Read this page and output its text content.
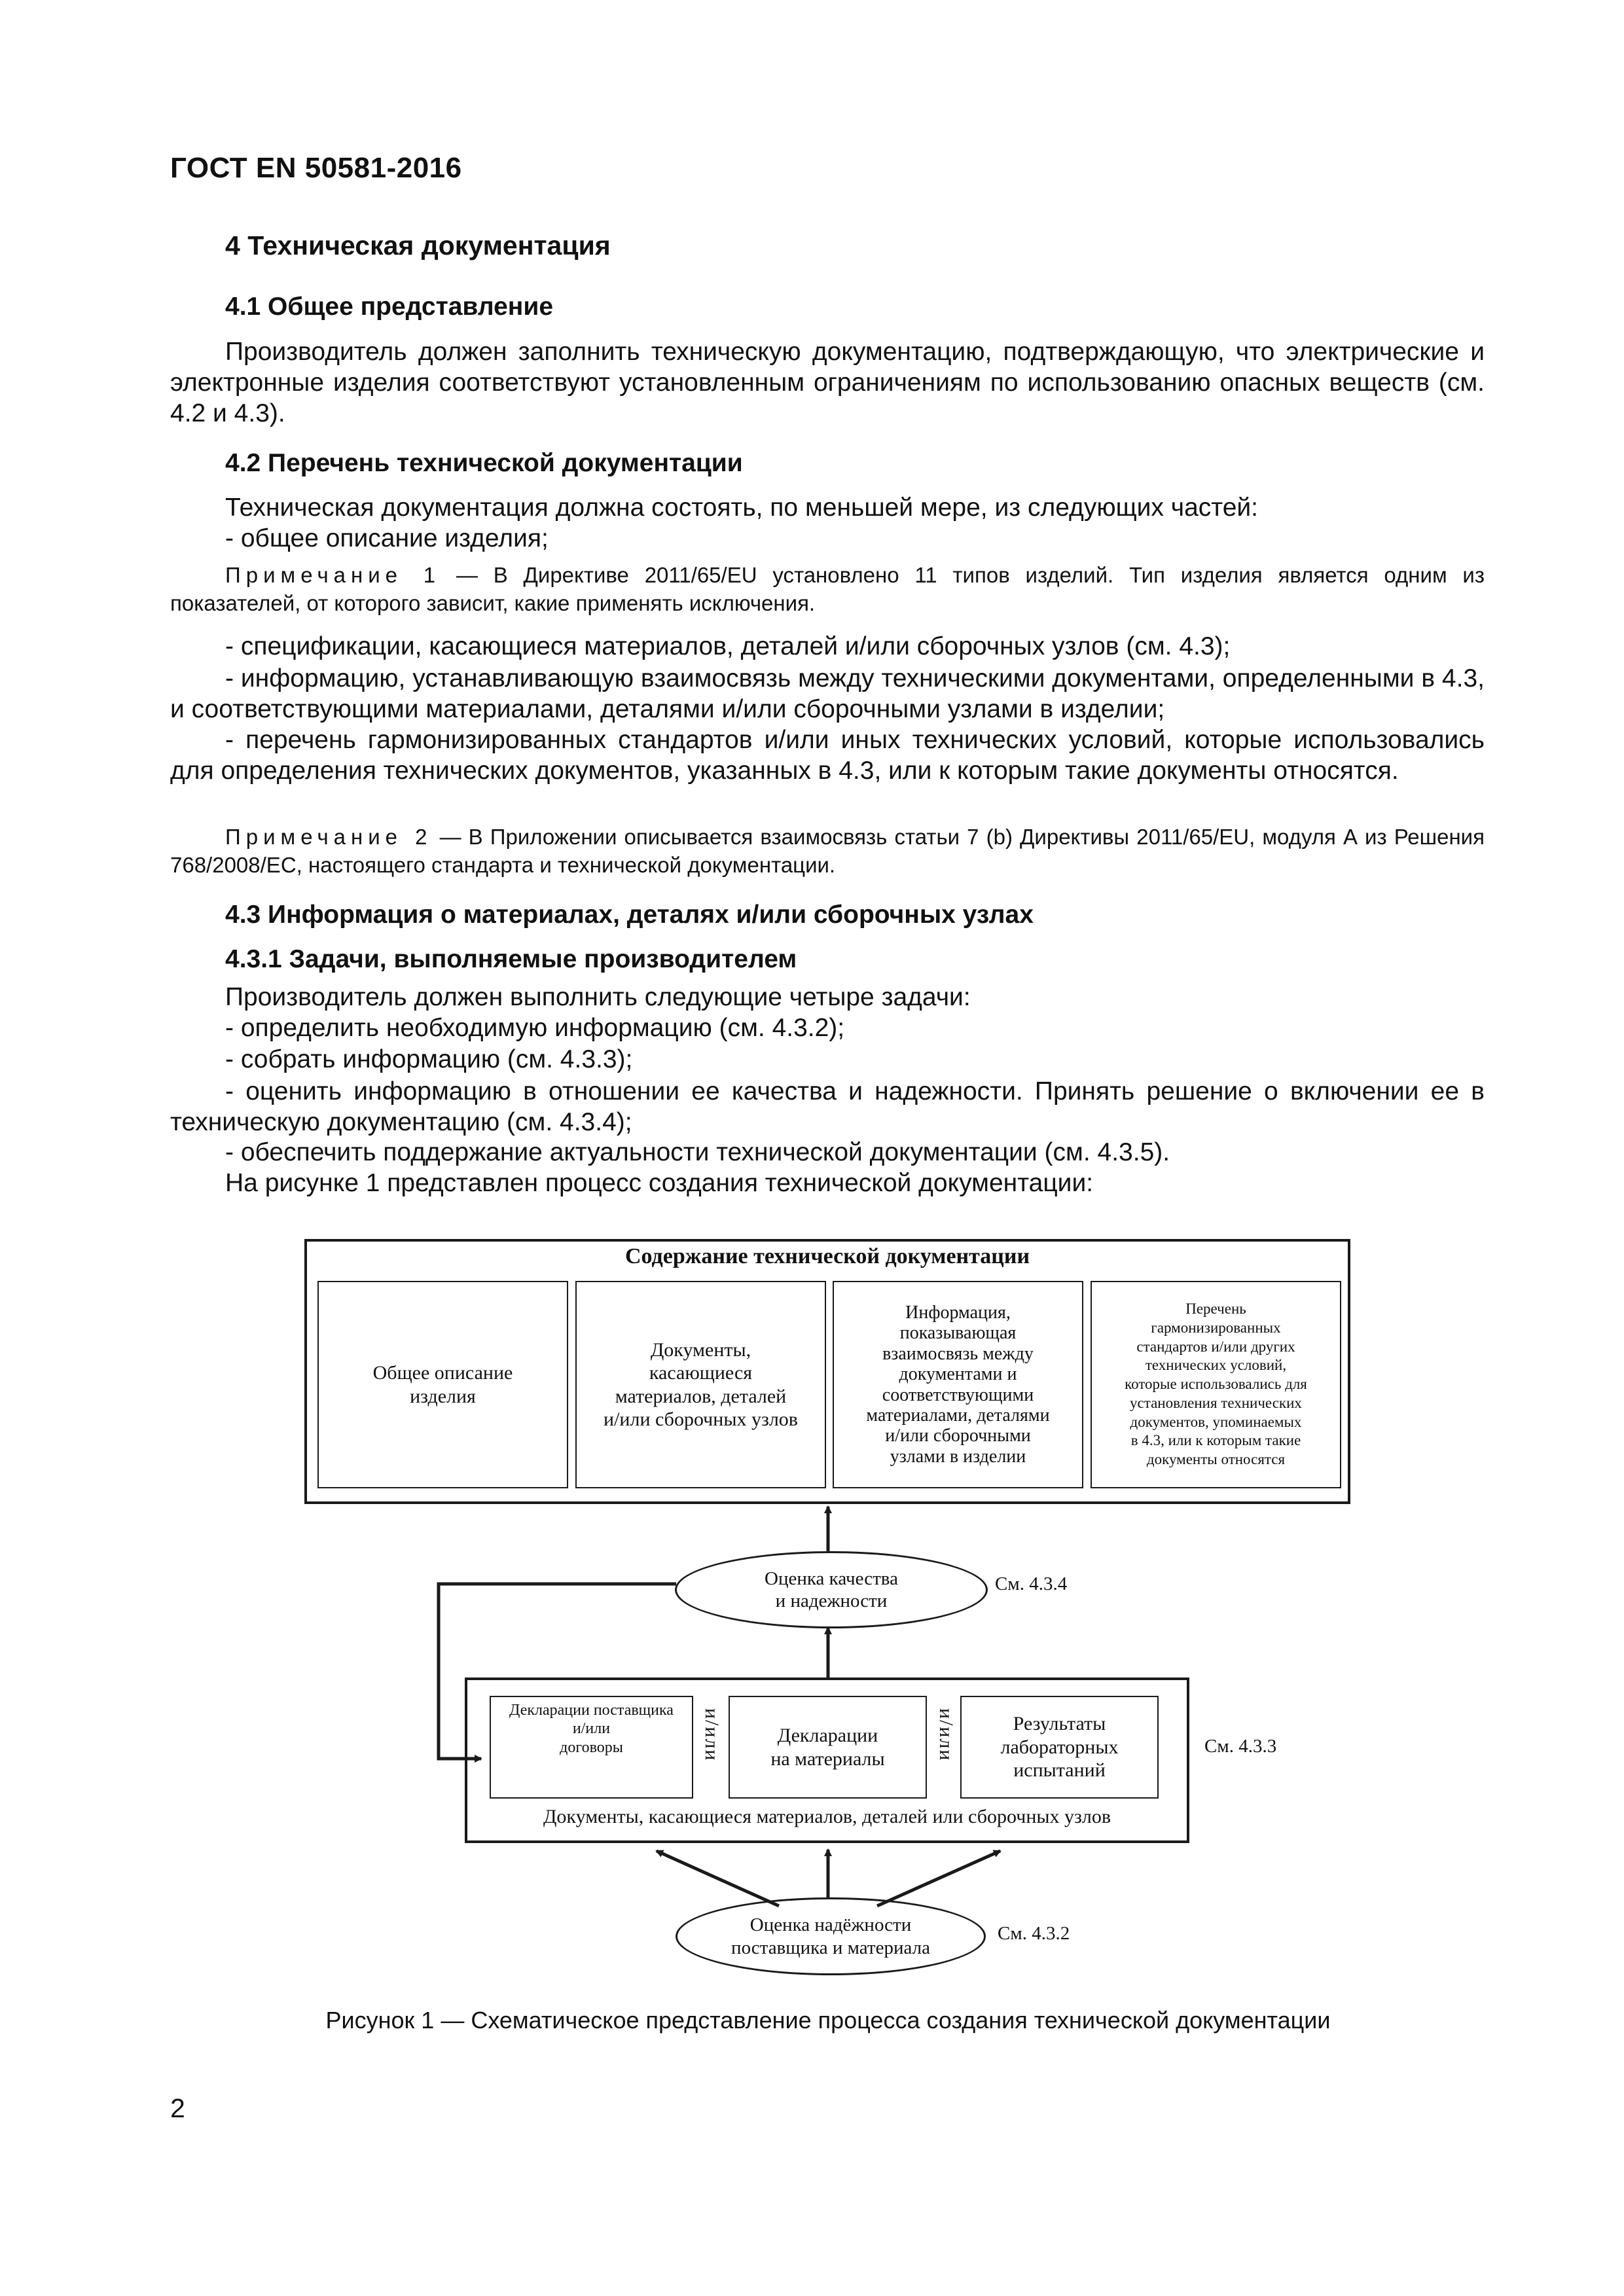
ГОСТ EN 50581-2016
4 Техническая документация
4.1 Общее представление
Производитель должен заполнить техническую документацию, подтверждающую, что электрические и электронные изделия соответствуют установленным ограничениям по использованию опасных веществ (см. 4.2 и 4.3).
4.2 Перечень технической документации
Техническая документация должна состоять, по меньшей мере, из следующих частей:
- общее описание изделия;
Примечание 1 — В Директиве 2011/65/EU установлено 11 типов изделий. Тип изделия является одним из показателей, от которого зависит, какие применять исключения.
- спецификации, касающиеся материалов, деталей и/или сборочных узлов (см. 4.3);
- информацию, устанавливающую взаимосвязь между техническими документами, определенными в 4.3, и соответствующими материалами, деталями и/или сборочными узлами в изделии;
- перечень гармонизированных стандартов и/или иных технических условий, которые использовались для определения технических документов, указанных в 4.3, или к которым такие документы относятся.
Примечание 2 — В Приложении описывается взаимосвязь статьи 7 (b) Директивы 2011/65/EU, модуля А из Решения 768/2008/EC, настоящего стандарта и технической документации.
4.3 Информация о материалах, деталях и/или сборочных узлах
4.3.1 Задачи, выполняемые производителем
Производитель должен выполнить следующие четыре задачи:
- определить необходимую информацию (см. 4.3.2);
- собрать информацию (см. 4.3.3);
- оценить информацию в отношении ее качества и надежности. Принять решение о включении ее в техническую документацию (см. 4.3.4);
- обеспечить поддержание актуальности технической документации (см. 4.3.5).
На рисунке 1 представлен процесс создания технической документации:
Содержание технической документации
Общее описание
изделия
Документы,
касающиеся
материалов, деталей
и/или сборочных узлов
Информация,
показывающая
взаимосвязь между
документами и
соответствующими
материалами, деталями
и/или сборочными
узлами в изделии
Перечень
гармонизированных
стандартов и/или других
технических условий,
которые использовались для
установления технических
документов, упоминаемых
в 4.3, или к которым такие
документы относятся
Оценка качества
и надежности
См. 4.3.4
Документы, касающиеся материалов, деталей или сборочных узлов
Декларации поставщика
и/или
договоры	и/или	Декларации
на материалы	и/или	Результаты
лабораторных
испытаний
См. 4.3.3
Оценка надёжности
поставщика и материала
См. 4.3.2
Рисунок 1 — Схематическое представление процесса создания технической документации
2
